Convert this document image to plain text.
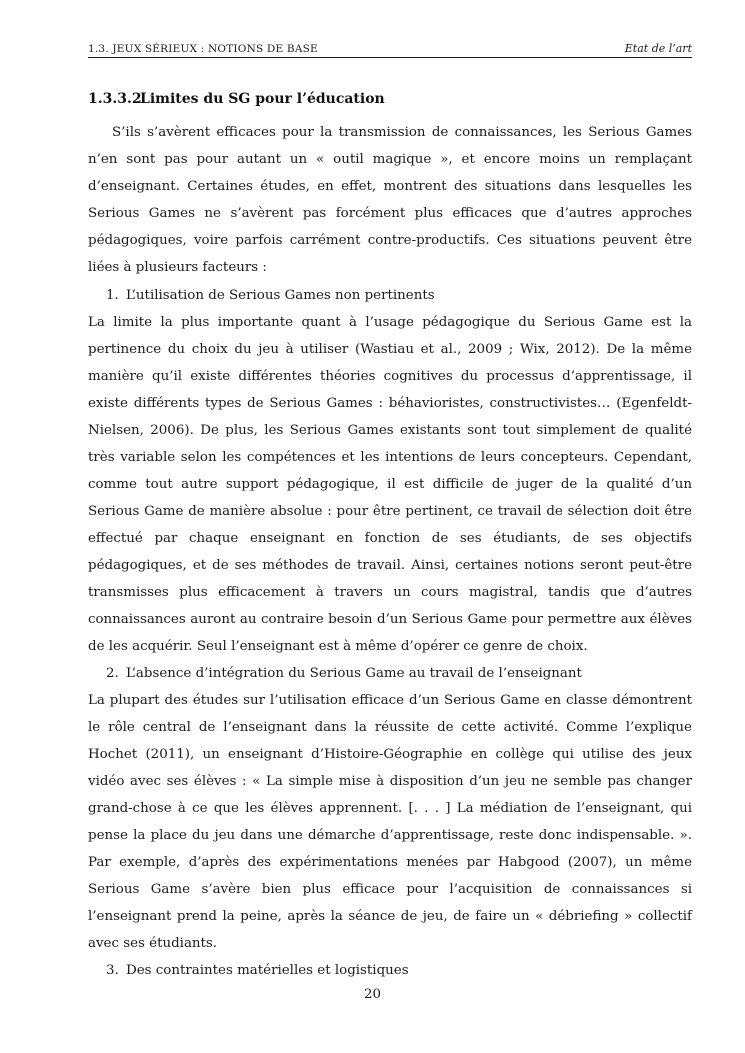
1.3. JEUX SÉRIEUX : NOTIONS DE BASE	Etat de l’art
1.3.3.2Limites du SG pour l’éducation

S’ils s’avèrent efficaces pour la transmission de connaissances, les Serious Games n’en sont pas pour autant un « outil magique », et encore moins un remplaçant d’enseignant. Certaines études, en effet, montrent des situations dans lesquelles les Serious Games ne s’avèrent pas forcément plus efficaces que d’autres approches pédagogiques, voire parfois carrément contre-productifs. Ces situations peuvent être liées à plusieurs facteurs :

1. L’utilisation de Serious Games non pertinents

La limite la plus importante quant à l’usage pédagogique du Serious Game est la pertinence du choix du jeu à utiliser (Wastiau et al., 2009 ; Wix, 2012). De la même manière qu’il existe différentes théories cognitives du processus d’apprentissage, il existe différents types de Serious Games : béhavioristes, constructivistes… (Egenfeldt-Nielsen, 2006). De plus, les Serious Games existants sont tout simplement de qualité très variable selon les compétences et les intentions de leurs concepteurs. Cependant, comme tout autre support pédagogique, il est difficile de juger de la qualité d’un Serious Game de manière absolue : pour être pertinent, ce travail de sélection doit être effectué par chaque enseignant en fonction de ses étudiants, de ses objectifs pédagogiques, et de ses méthodes de travail. Ainsi, certaines notions seront peut-être transmisses plus efficacement à travers un cours magistral, tandis que d’autres connaissances auront au contraire besoin d’un Serious Game pour permettre aux élèves de les acquérir. Seul l’enseignant est à même d’opérer ce genre de choix.

2. L’absence d’intégration du Serious Game au travail de l’enseignant

La plupart des études sur l’utilisation efficace d’un Serious Game en classe démontrent le rôle central de l’enseignant dans la réussite de cette activité. Comme l’explique Hochet (2011), un enseignant d’Histoire-Géographie en collège qui utilise des jeux vidéo avec ses élèves : « La simple mise à disposition d’un jeu ne semble pas changer grand-chose à ce que les élèves apprennent. [. . . ] La médiation de l’enseignant, qui pense la place du jeu dans une démarche d’apprentissage, reste donc indispensable. ». Par exemple, d’après des expérimentations menées par Habgood (2007), un même Serious Game s’avère bien plus efficace pour l’acquisition de connaissances si l’enseignant prend la peine, après la séance de jeu, de faire un « débriefing » collectif avec ses étudiants.

3. Des contraintes matérielles et logistiques
20
